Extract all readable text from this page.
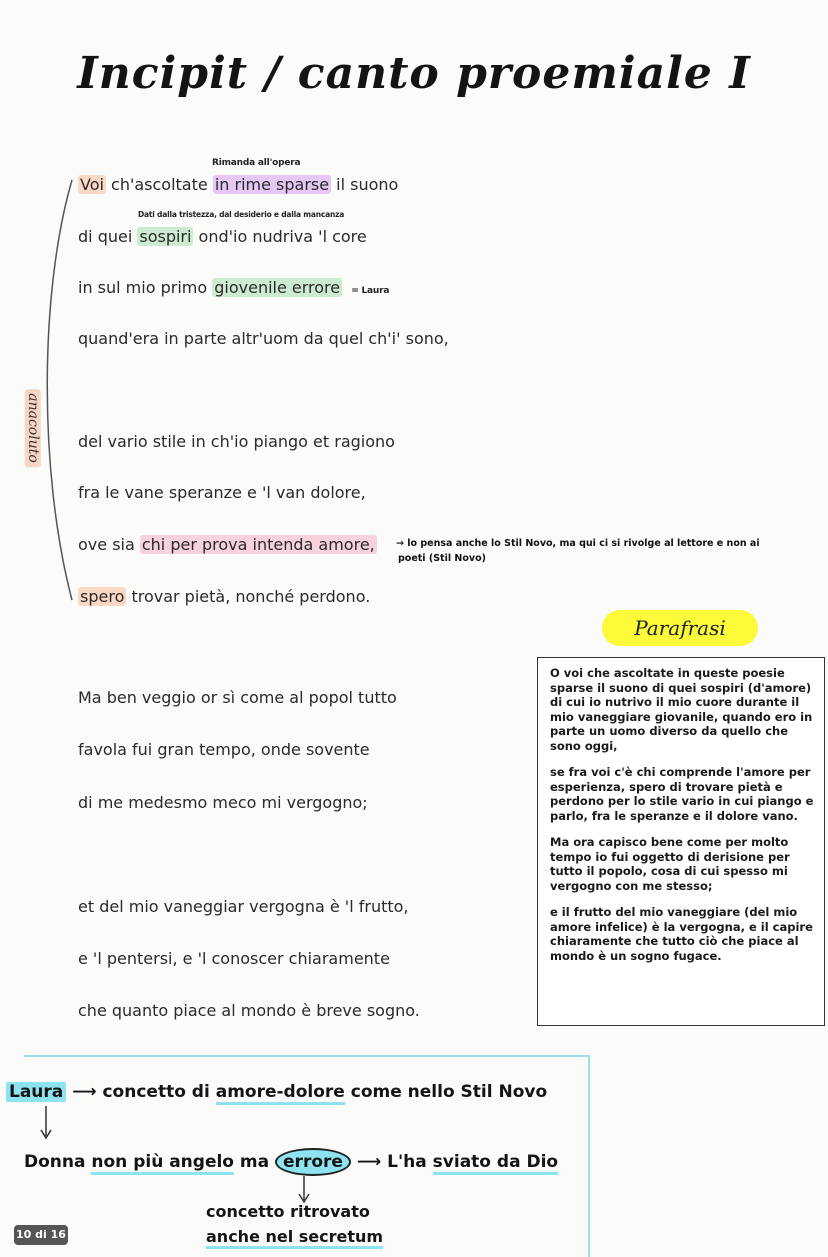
Incipit / canto proemiale I
anacoluto
Rimanda all'opera
Dati dalla tristezza, dal desiderio e dalla mancanza
Voi ch'ascoltate in rime sparse il suono
di quei sospiri ond'io nudriva 'l core
in sul mio primo giovenile errore = Laura
quand'era in parte altr'uom da quel ch'i' sono,
del vario stile in ch'io piango et ragiono
fra le vane speranze e 'l van dolore,
ove sia chi per prova intenda amore, → lo pensa anche lo Stil Novo, ma qui ci si rivolge al lettore e non ai
poeti (Stil Novo)
spero trovar pietà, nonché perdono.
Ma ben veggio or sì come al popol tutto
favola fui gran tempo, onde sovente
di me medesmo meco mi vergogno;
et del mio vaneggiar vergogna è 'l frutto,
e 'l pentersi, e 'l conoscer chiaramente
che quanto piace al mondo è breve sogno.
Parafrasi

O voi che ascoltate in queste poesie sparse il suono di quei sospiri (d'amore) di cui io nutrivo il mio cuore durante il mio vaneggiare giovanile, quando ero in parte un uomo diverso da quello che sono oggi,

se fra voi c'è chi comprende l'amore per esperienza, spero di trovare pietà e perdono per lo stile vario in cui piango e parlo, fra le speranze e il dolore vano.

Ma ora capisco bene come per molto tempo io fui oggetto di derisione per tutto il popolo, cosa di cui spesso mi vergogno con me stesso;

e il frutto del mio vaneggiare (del mio amore infelice) è la vergogna, e il capire chiaramente che tutto ciò che piace al mondo è un sogno fugace.

Laura ⟶ concetto di amore-dolore come nello Stil Novo
Donna non più angelo ma errore ⟶ L'ha sviato da Dio
concetto ritrovato
anche nel secretum
10 di 16
